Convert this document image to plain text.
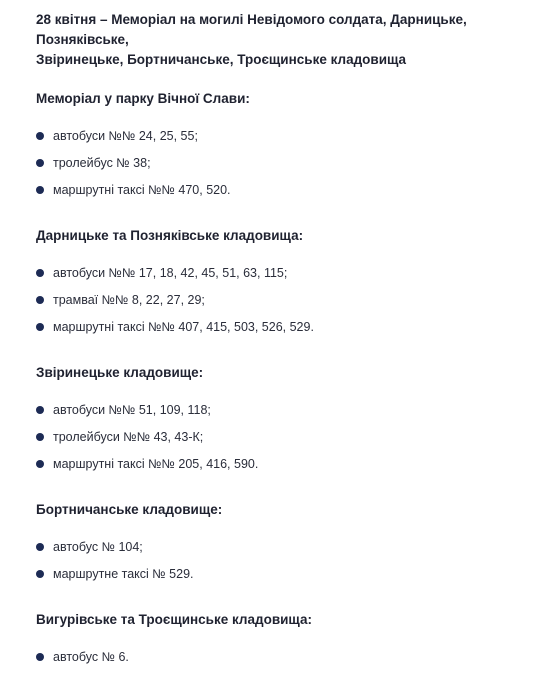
28 квітня – Меморіал на могилі Невідомого солдата, Дарницьке, Позняківське,
Звіринецьке, Бортничанське, Троєщинське кладовища
Меморіал у парку Вічної Слави:
автобуси №№ 24, 25, 55;
тролейбус № 38;
маршрутні таксі №№ 470, 520.
Дарницьке та Позняківське кладовища:
автобуси №№ 17, 18, 42, 45, 51, 63, 115;
трамваї №№ 8, 22, 27, 29;
маршрутні таксі №№ 407, 415, 503, 526, 529.
Звіринецьке кладовище:
автобуси №№ 51, 109, 118;
тролейбуси №№ 43, 43-К;
маршрутні таксі №№ 205, 416, 590.
Бортничанське кладовище:
автобус № 104;
маршрутне таксі № 529.
Вигурівське та Троєщинське кладовища:
автобус № 6.
